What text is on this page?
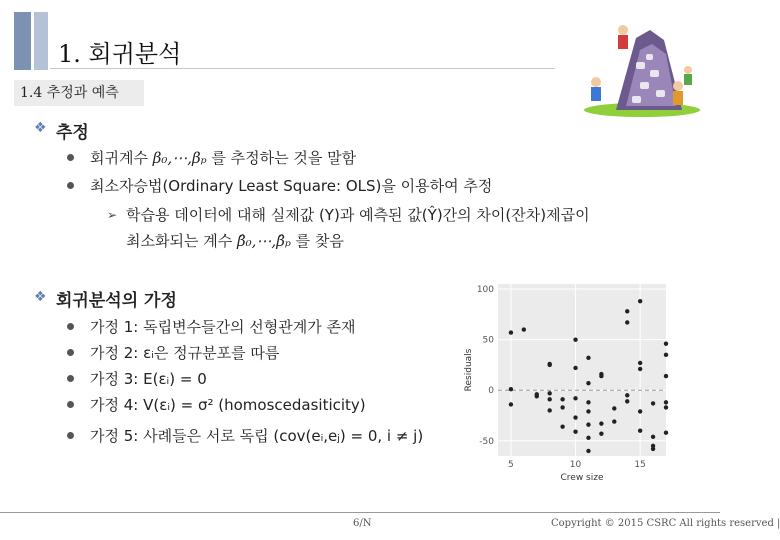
1. 회귀분석
1.4 추정과 예측
❖ 추정
회귀계수 β₀,⋯,βₚ 를 추정하는 것을 말함
최소자승법(Ordinary Least Square: OLS)을 이용하여 추정
➢ 학습용 데이터에 대해 실제값 (Y)과 예측된 값(Ŷ)간의 차이(잔차)제곱이
최소화되는 계수 β̂₀,⋯,β̂ₚ 를 찾음
❖ 회귀분석의 가정
가정 1: 독립변수들간의 선형관계가 존재
가정 2: εᵢ은 정규분포를 따름
가정 3: E(εᵢ) = 0
가정 4: V(εᵢ) = σ² (homoscedasiticity)
가정 5: 사례들은 서로 독립 (cov(eᵢ,eⱼ) = 0, i ≠ j)
100
50
0
-50
5	10	15
Crew size
Residuals
6/N	Copyright © 2015 CSRC All rights reserved |
